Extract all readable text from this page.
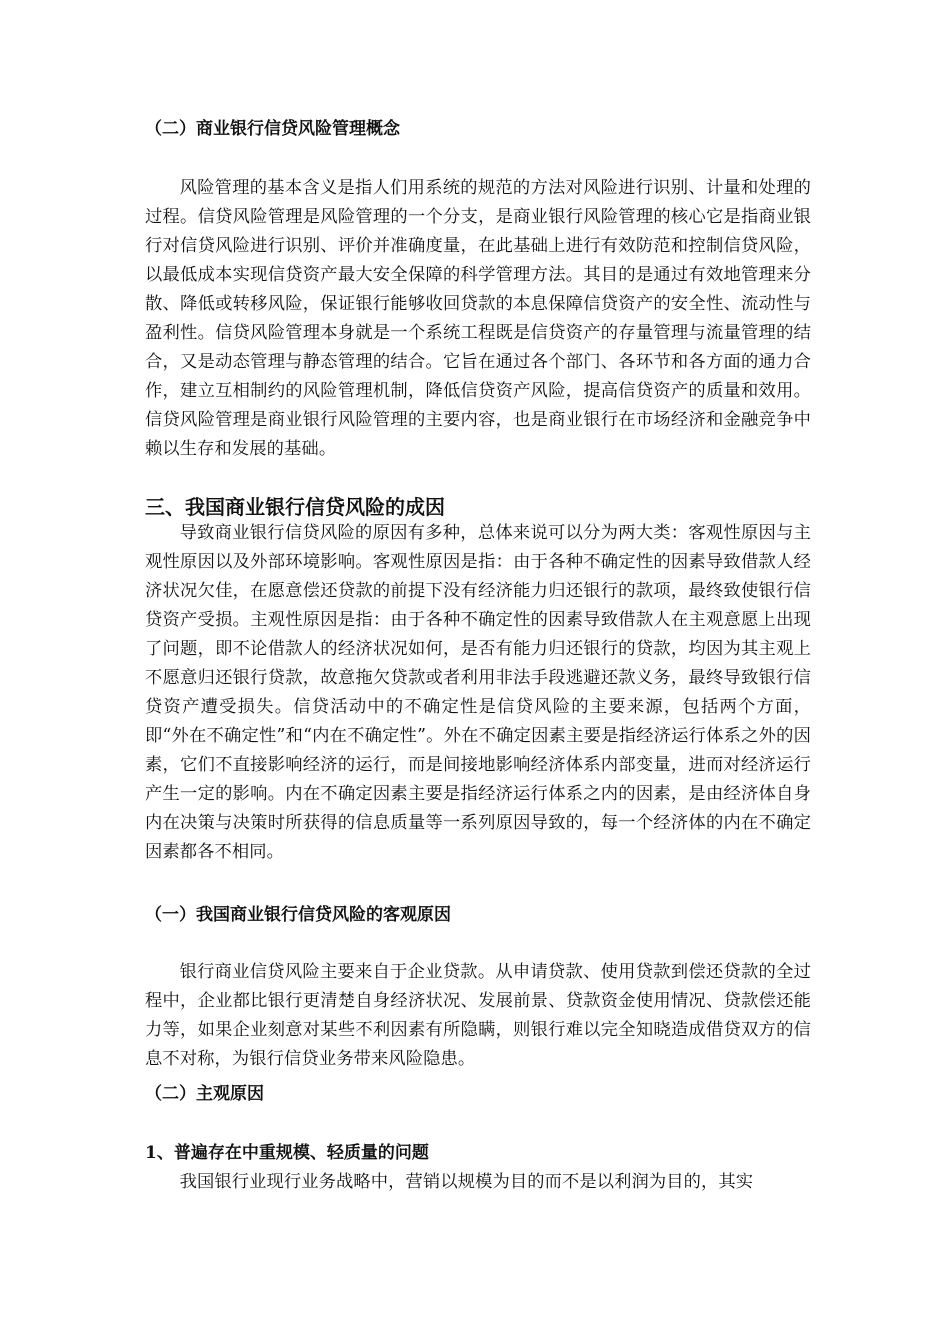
（二）商业银行信贷风险管理概念
风险管理的基本含义是指人们用系统的规范的方法对风险进行识别、计量和处理的过程。信贷风险管理是风险管理的一个分支，是商业银行风险管理的核心它是指商业银行对信贷风险进行识别、评价并准确度量，在此基础上进行有效防范和控制信贷风险，以最低成本实现信贷资产最大安全保障的科学管理方法。其目的是通过有效地管理来分散、降低或转移风险，保证银行能够收回贷款的本息保障信贷资产的安全性、流动性与盈利性。信贷风险管理本身就是一个系统工程既是信贷资产的存量管理与流量管理的结合，又是动态管理与静态管理的结合。它旨在通过各个部门、各环节和各方面的通力合作，建立互相制约的风险管理机制，降低信贷资产风险，提高信贷资产的质量和效用。信贷风险管理是商业银行风险管理的主要内容，也是商业银行在市场经济和金融竞争中赖以生存和发展的基础。
三、我国商业银行信贷风险的成因
导致商业银行信贷风险的原因有多种，总体来说可以分为两大类：客观性原因与主观性原因以及外部环境影响。客观性原因是指：由于各种不确定性的因素导致借款人经济状况欠佳，在愿意偿还贷款的前提下没有经济能力归还银行的款项，最终致使银行信贷资产受损。主观性原因是指：由于各种不确定性的因素导致借款人在主观意愿上出现了问题，即不论借款人的经济状况如何，是否有能力归还银行的贷款，均因为其主观上不愿意归还银行贷款，故意拖欠贷款或者利用非法手段逃避还款义务，最终导致银行信贷资产遭受损失。信贷活动中的不确定性是信贷风险的主要来源，包括两个方面，即“外在不确定性”和“内在不确定性”。外在不确定因素主要是指经济运行体系之外的因素，它们不直接影响经济的运行，而是间接地影响经济体系内部变量，进而对经济运行产生一定的影响。内在不确定因素主要是指经济运行体系之内的因素，是由经济体自身内在决策与决策时所获得的信息质量等一系列原因导致的，每一个经济体的内在不确定因素都各不相同。
（一）我国商业银行信贷风险的客观原因
银行商业信贷风险主要来自于企业贷款。从申请贷款、使用贷款到偿还贷款的全过程中，企业都比银行更清楚自身经济状况、发展前景、贷款资金使用情况、贷款偿还能力等，如果企业刻意对某些不利因素有所隐瞒，则银行难以完全知晓造成借贷双方的信息不对称，为银行信贷业务带来风险隐患。
（二）主观原因
1、普遍存在中重规模、轻质量的问题
我国银行业现行业务战略中，营销以规模为目的而不是以利润为目的，其实
